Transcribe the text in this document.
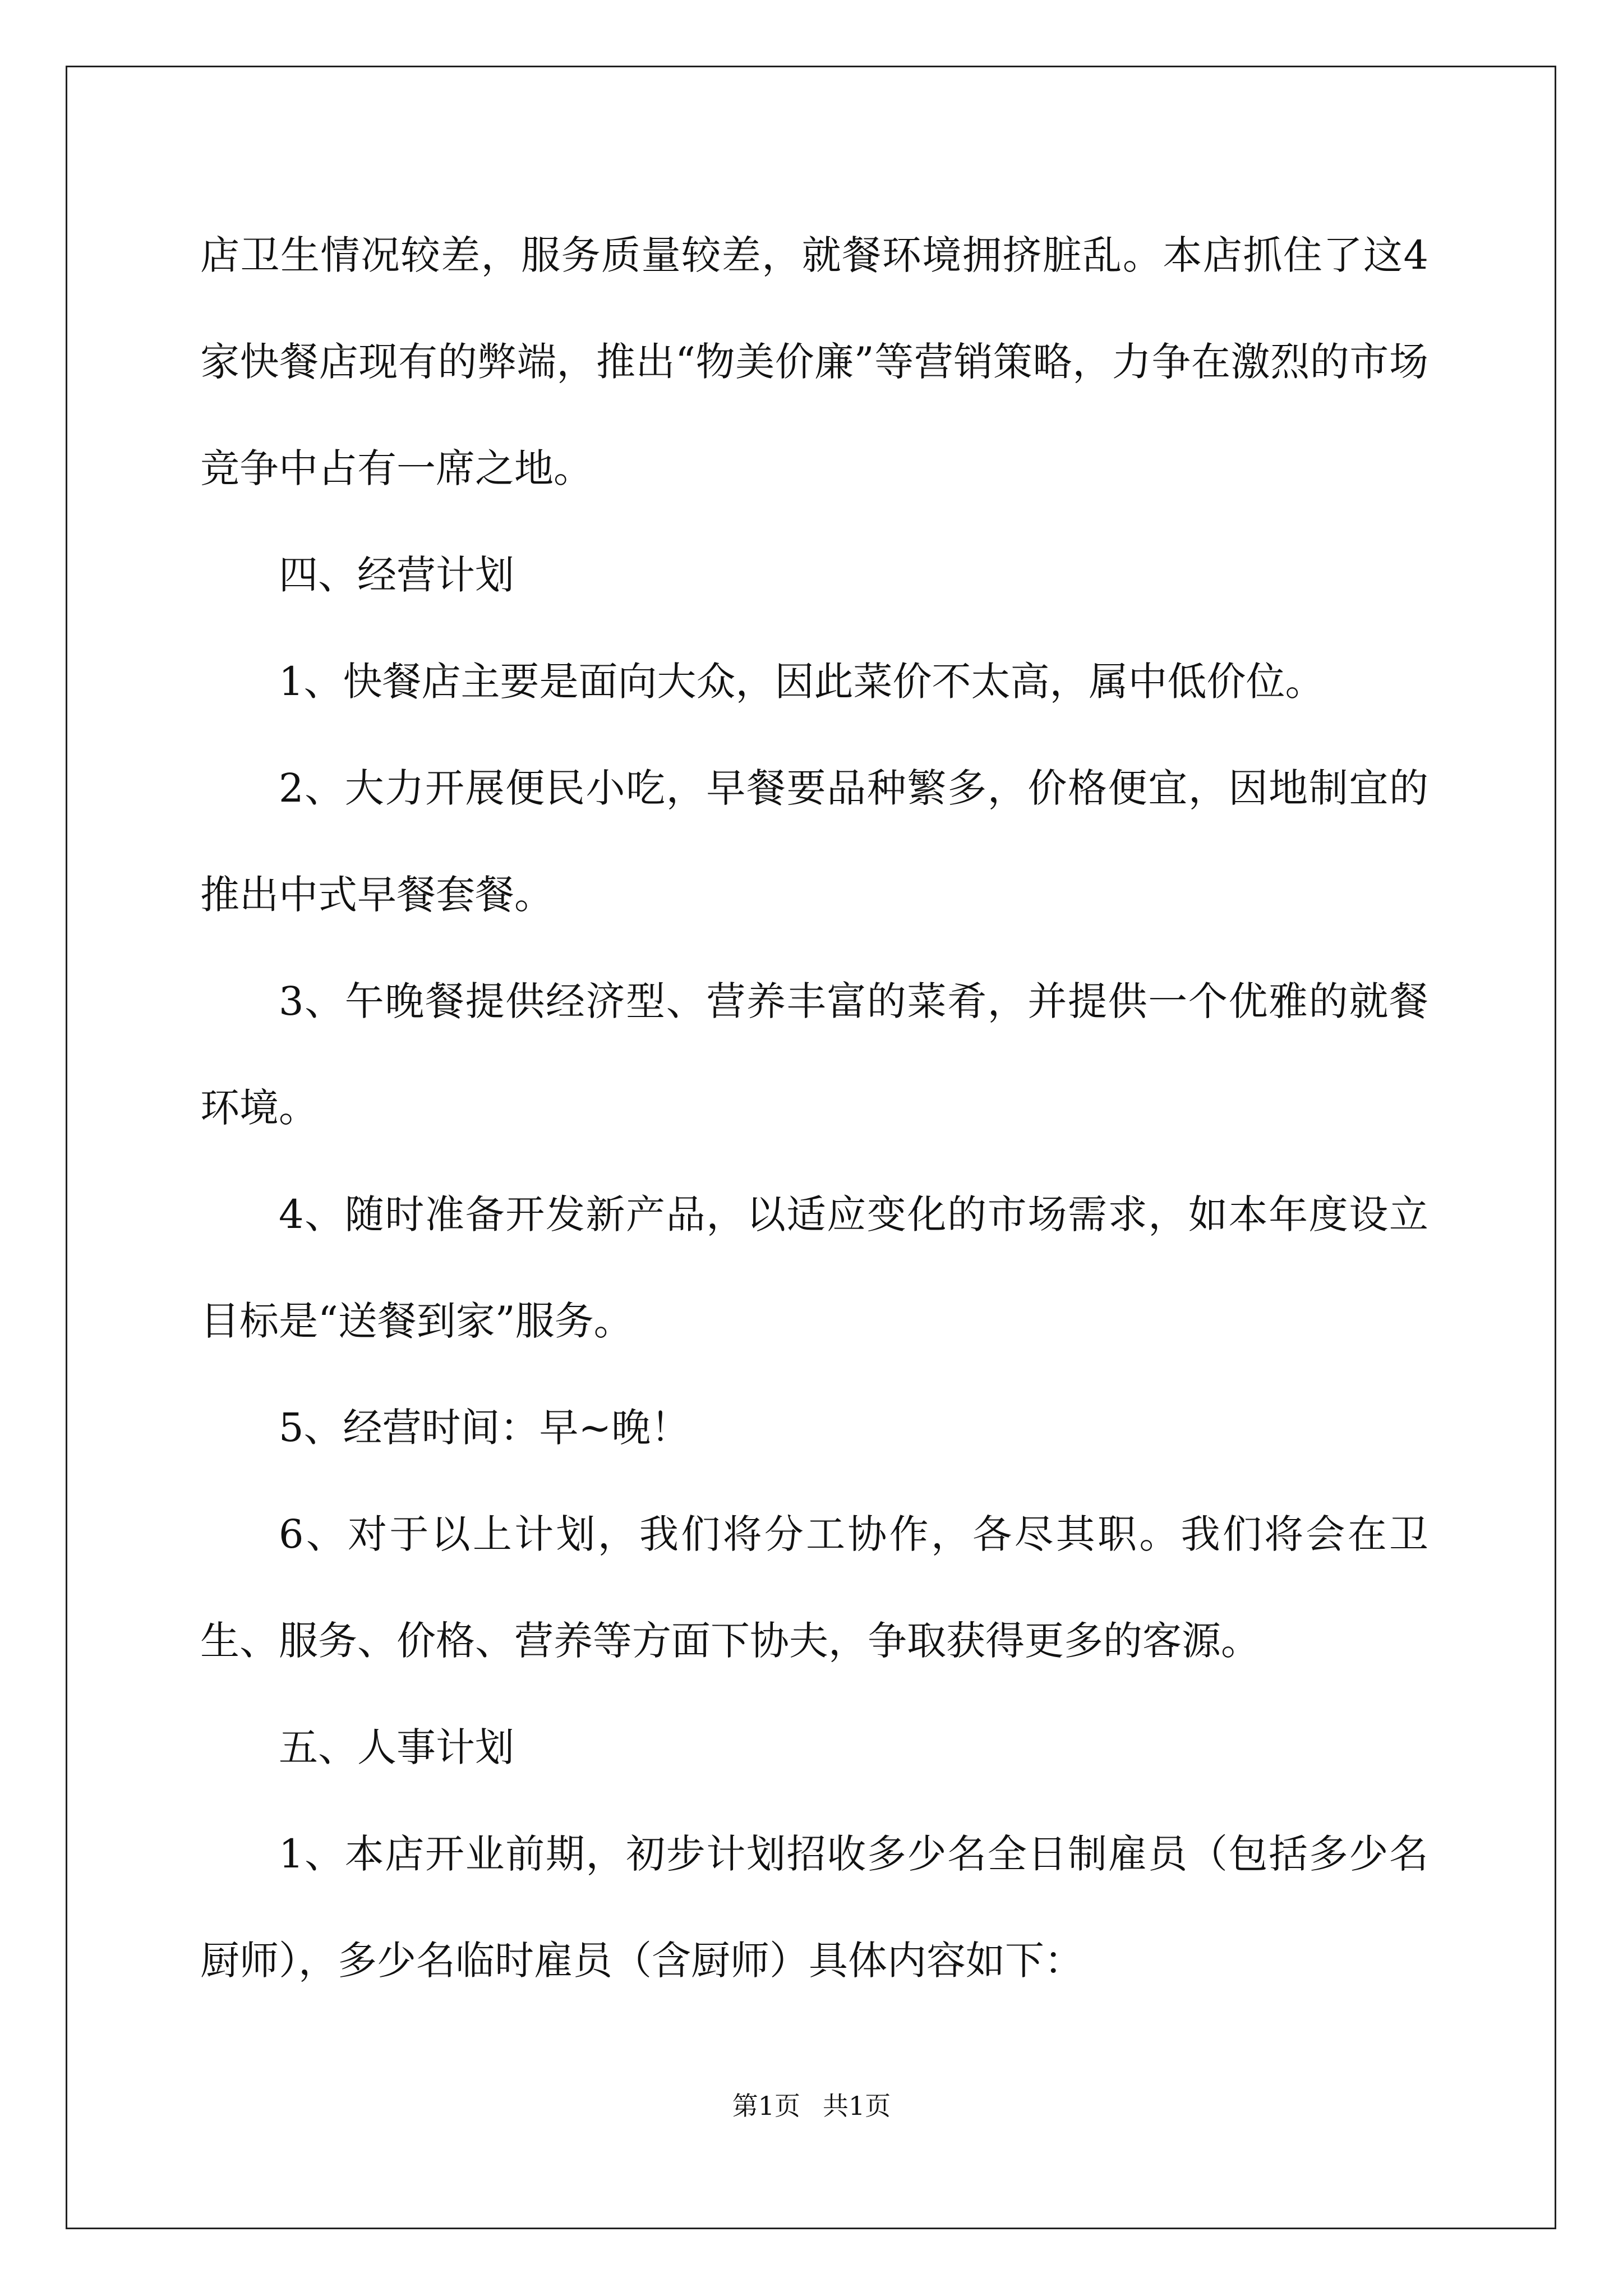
店卫生情况较差，服务质量较差，就餐环境拥挤脏乱。本店抓住了这4家快餐店现有的弊端，推出“物美价廉”等营销策略，力争在激烈的市场竞争中占有一席之地。

四、经营计划

1、快餐店主要是面向大众，因此菜价不太高，属中低价位。

2、大力开展便民小吃，早餐要品种繁多，价格便宜，因地制宜的推出中式早餐套餐。

3、午晚餐提供经济型、营养丰富的菜肴，并提供一个优雅的就餐环境。

4、随时准备开发新产品，以适应变化的市场需求，如本年度设立目标是“送餐到家”服务。

5、经营时间：早~晚！

6、对于以上计划，我们将分工协作，各尽其职。我们将会在卫生、服务、价格、营养等方面下协夫，争取获得更多的客源。

五、人事计划

1、本店开业前期，初步计划招收多少名全日制雇员（包括多少名厨师），多少名临时雇员（含厨师）具体内容如下：

第1页 共1页
